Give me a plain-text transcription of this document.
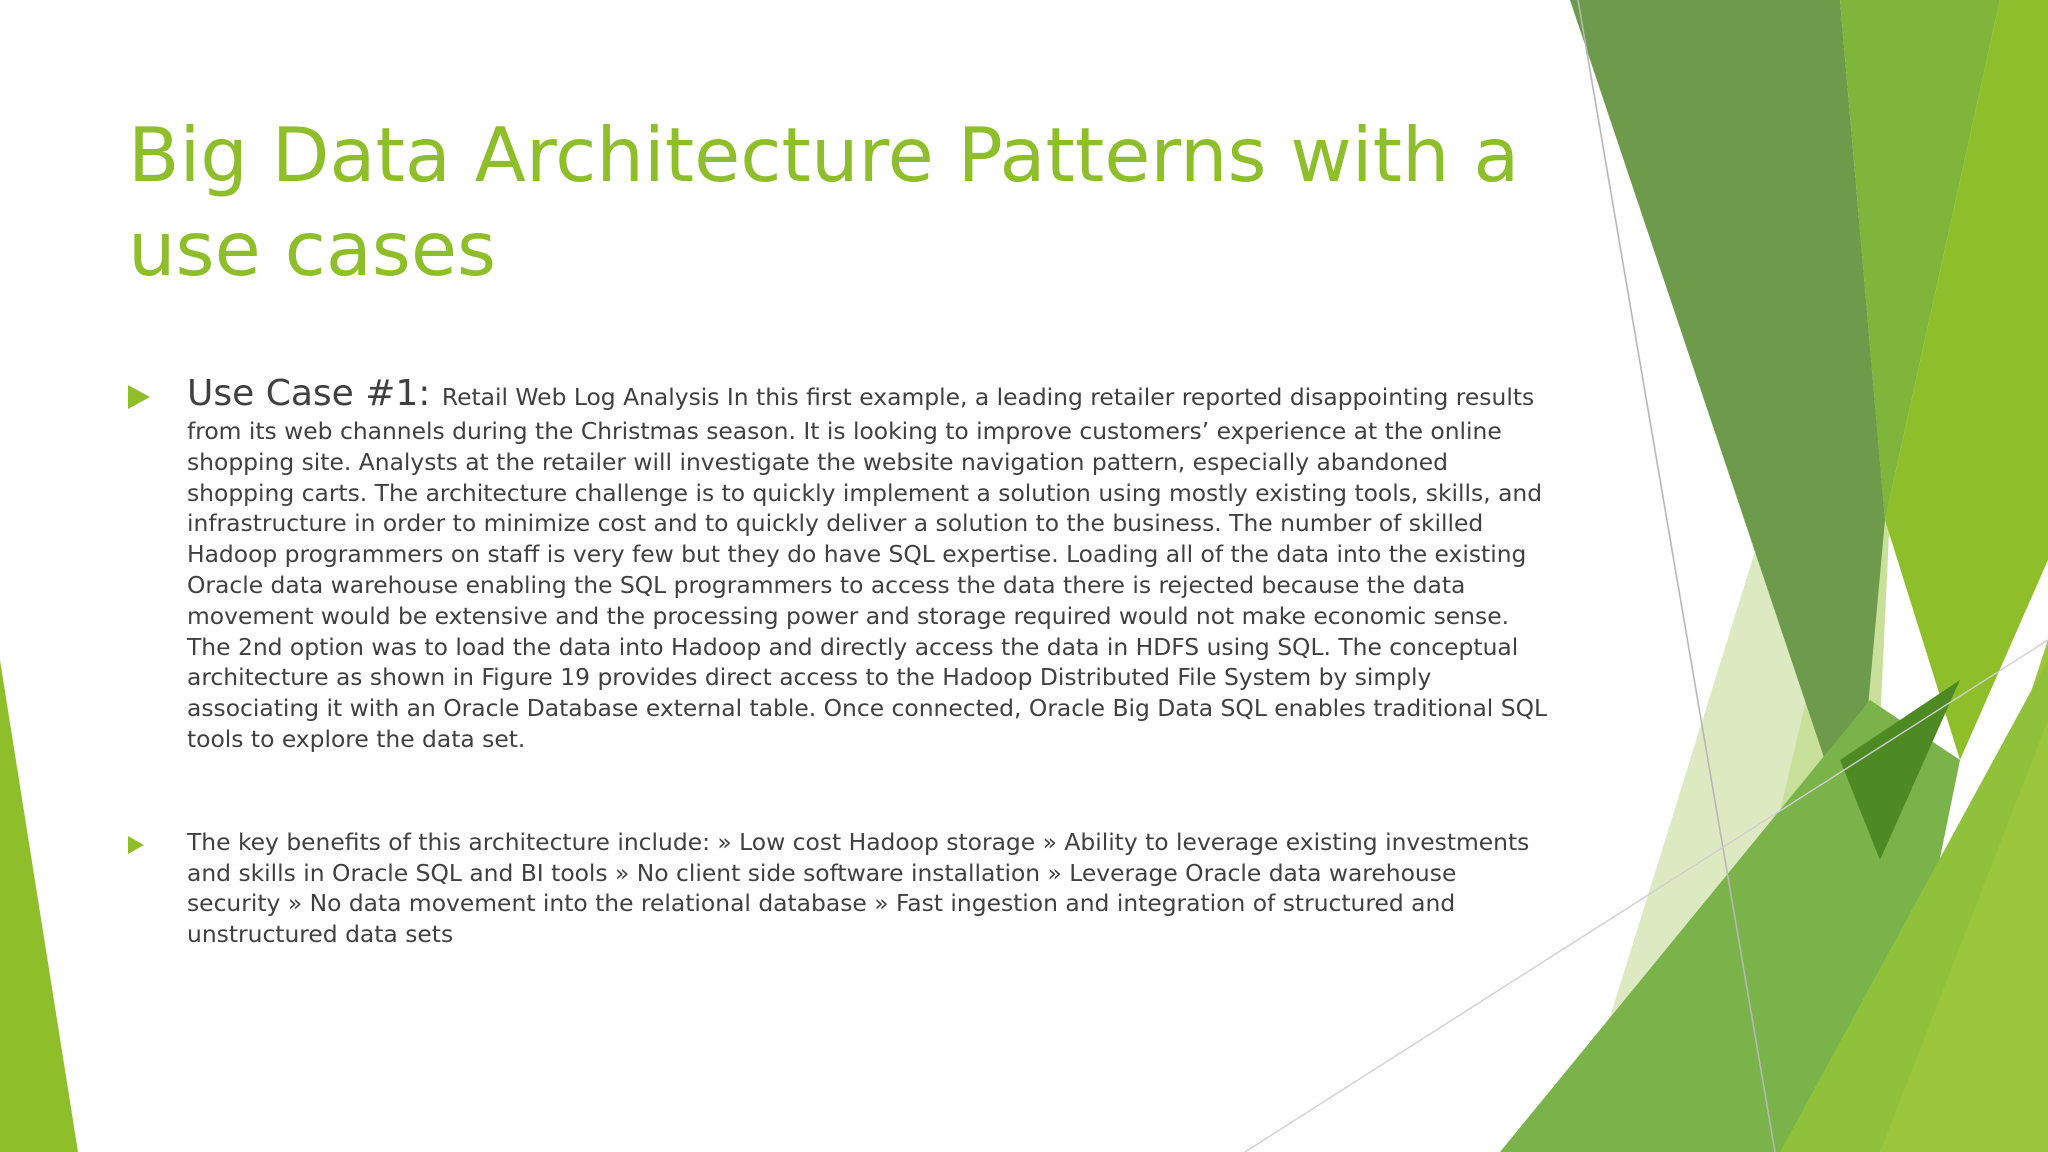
Big Data Architecture Patterns with a use cases
Use Case #1: Retail Web Log Analysis In this first example, a leading retailer reported disappointing results from its web channels during the Christmas season. It is looking to improve customers’ experience at the online shopping site. Analysts at the retailer will investigate the website navigation pattern, especially abandoned shopping carts. The architecture challenge is to quickly implement a solution using mostly existing tools, skills, and infrastructure in order to minimize cost and to quickly deliver a solution to the business. The number of skilled Hadoop programmers on staff is very few but they do have SQL expertise. Loading all of the data into the existing Oracle data warehouse enabling the SQL programmers to access the data there is rejected because the data movement would be extensive and the processing power and storage required would not make economic sense. The 2nd option was to load the data into Hadoop and directly access the data in HDFS using SQL. The conceptual architecture as shown in Figure 19 provides direct access to the Hadoop Distributed File System by simply associating it with an Oracle Database external table. Once connected, Oracle Big Data SQL enables traditional SQL tools to explore the data set.
The key benefits of this architecture include: » Low cost Hadoop storage » Ability to leverage existing investments and skills in Oracle SQL and BI tools » No client side software installation » Leverage Oracle data warehouse security » No data movement into the relational database » Fast ingestion and integration of structured and unstructured data sets
